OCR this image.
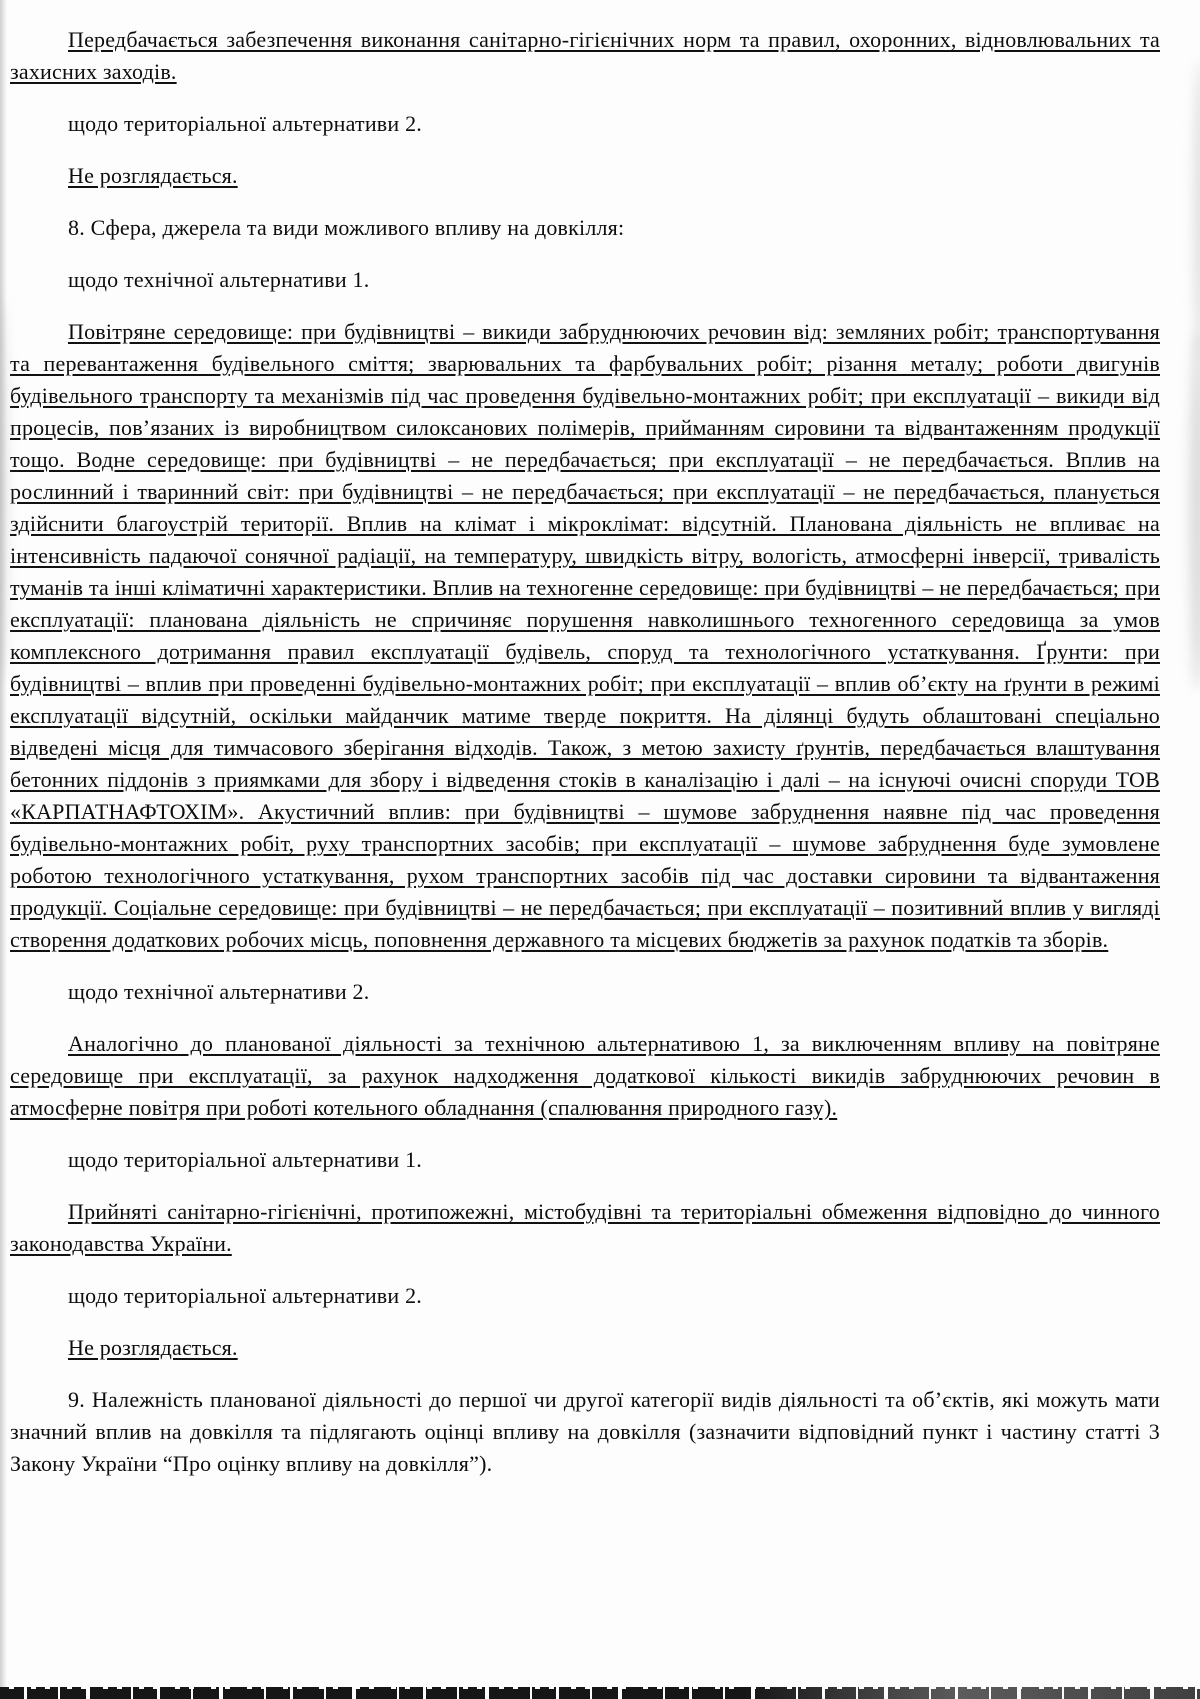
Передбачається забезпечення виконання санітарно-гігієнічних норм та правил, охоронних, відновлювальних та захисних заходів.

щодо територіальної альтернативи 2.

Не розглядається.

8. Сфера, джерела та види можливого впливу на довкілля:

щодо технічної альтернативи 1.

Повітряне середовище: при будівництві – викиди забруднюючих речовин від: земляних робіт; транспортування та перевантаження будівельного сміття; зварювальних та фарбувальних робіт; різання металу; роботи двигунів будівельного транспорту та механізмів під час проведення будівельно-монтажних робіт; при експлуатації – викиди від процесів, пов’язаних із виробництвом силоксанових полімерів, прийманням сировини та відвантаженням продукції тощо. Водне середовище: при будівництві – не передбачається; при експлуатації – не передбачається. Вплив на рослинний і тваринний світ: при будівництві – не передбачається; при експлуатації – не передбачається, планується здійснити благоустрій території. Вплив на клімат і мікроклімат: відсутній. Планована діяльність не впливає на інтенсивність падаючої сонячної радіації, на температуру, швидкість вітру, вологість, атмосферні інверсії, тривалість туманів та інші кліматичні характеристики. Вплив на техногенне середовище: при будівництві – не передбачається; при експлуатації: планована діяльність не спричиняє порушення навколишнього техногенного середовища за умов комплексного дотримання правил експлуатації будівель, споруд та технологічного устаткування. Ґрунти: при будівництві – вплив при проведенні будівельно-монтажних робіт; при експлуатації – вплив об’єкту на ґрунти в режимі експлуатації відсутній, оскільки майданчик матиме тверде покриття. На ділянці будуть облаштовані спеціально відведені місця для тимчасового зберігання відходів. Також, з метою захисту ґрунтів, передбачається влаштування бетонних піддонів з приямками для збору і відведення стоків в каналізацію і далі – на існуючі очисні споруди ТОВ «КАРПАТНАФТОХІМ». Акустичний вплив: при будівництві – шумове забруднення наявне під час проведення будівельно-монтажних робіт, руху транспортних засобів; при експлуатації – шумове забруднення буде зумовлене роботою технологічного устаткування, рухом транспортних засобів під час доставки сировини та відвантаження продукції. Соціальне середовище: при будівництві – не передбачається; при експлуатації – позитивний вплив у вигляді створення додаткових робочих місць, поповнення державного та місцевих бюджетів за рахунок податків та зборів.

щодо технічної альтернативи 2.

Аналогічно до планованої діяльності за технічною альтернативою 1, за виключенням впливу на повітряне середовище при експлуатації, за рахунок надходження додаткової кількості викидів забруднюючих речовин в атмосферне повітря при роботі котельного обладнання (спалювання природного газу).

щодо територіальної альтернативи 1.

Прийняті санітарно-гігієнічні, протипожежні, містобудівні та територіальні обмеження відповідно до чинного законодавства України.

щодо територіальної альтернативи 2.

Не розглядається.

9. Належність планованої діяльності до першої чи другої категорії видів діяльності та об’єктів, які можуть мати значний вплив на довкілля та підлягають оцінці впливу на довкілля (зазначити відповідний пункт і частину статті 3 Закону України “Про оцінку впливу на довкілля”).
